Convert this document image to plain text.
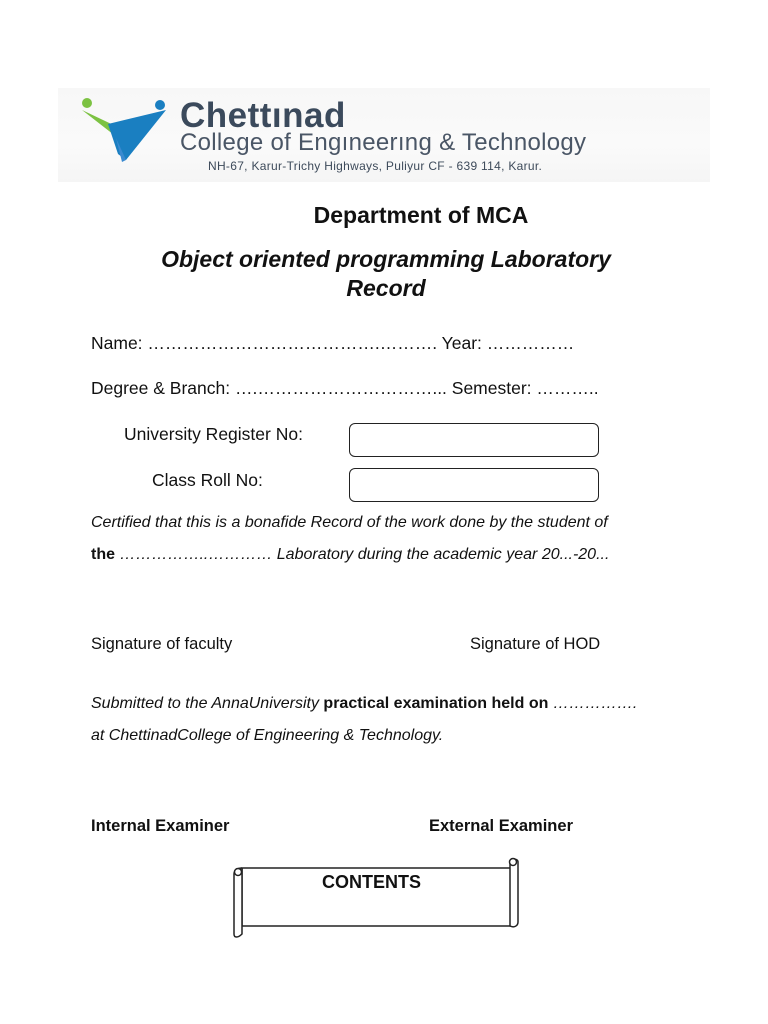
Chettınad
College of Engıneerıng & Technology
NH-67, Karur-Trichy Highways, Puliyur CF - 639 114, Karur.
Department of MCA
Object oriented programming Laboratory
Record
Name: ………………………………….………. Year: ……………
Degree & Branch: ….…………………………... Semester: ………..
University Register No:
Class Roll No:
Certified that this is a bonafide Record of the work done by the student of
the ……………..………… Laboratory during the academic year 20...-20...
Signature of faculty	Signature of HOD
Submitted to the AnnaUniversity practical examination held on …………….
at ChettinadCollege of Engineering & Technology.
Internal Examiner	External Examiner
CONTENTS
